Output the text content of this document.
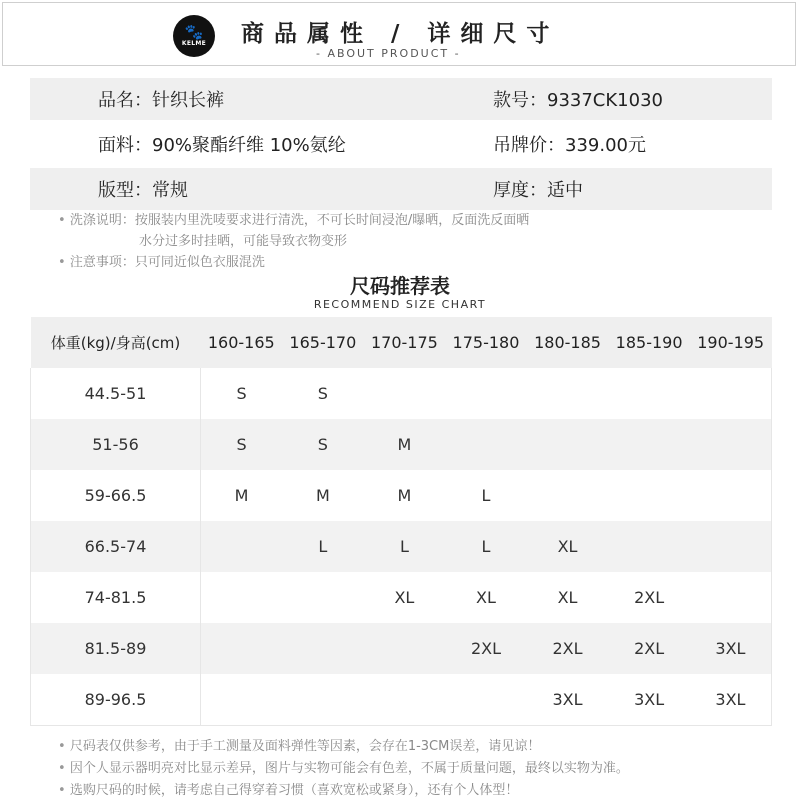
🐾
KELME 商品属性 / 详细尺寸
- ABOUT PRODUCT -
品名：针织长裤	款号：9337CK1030
面料：90%聚酯纤维 10%氨纶	吊牌价：339.00元
版型：常规	厚度：适中
• 洗涤说明：按服装内里洗唛要求进行清洗，不可长时间浸泡/曝晒，反面洗反面晒
水分过多时挂晒，可能导致衣物变形
• 注意事项：只可同近似色衣服混洗
尺码推荐表
RECOMMEND SIZE CHART
体重(kg)/身高(cm)	160-165	165-170	170-175	175-180	180-185	185-190	190-195
44.5-51	S	S					
51-56	S	S	M				
59-66.5	M	M	M	L			
66.5-74		L	L	L	XL		
74-81.5			XL	XL	XL	2XL	
81.5-89				2XL	2XL	2XL	3XL
89-96.5					3XL	3XL	3XL
• 尺码表仅供参考，由于手工测量及面料弹性等因素，会存在1-3CM误差，请见谅！
• 因个人显示器明亮对比显示差异，图片与实物可能会有色差，不属于质量问题，最终以实物为准。
• 选购尺码的时候，请考虑自己得穿着习惯（喜欢宽松或紧身），还有个人体型！
